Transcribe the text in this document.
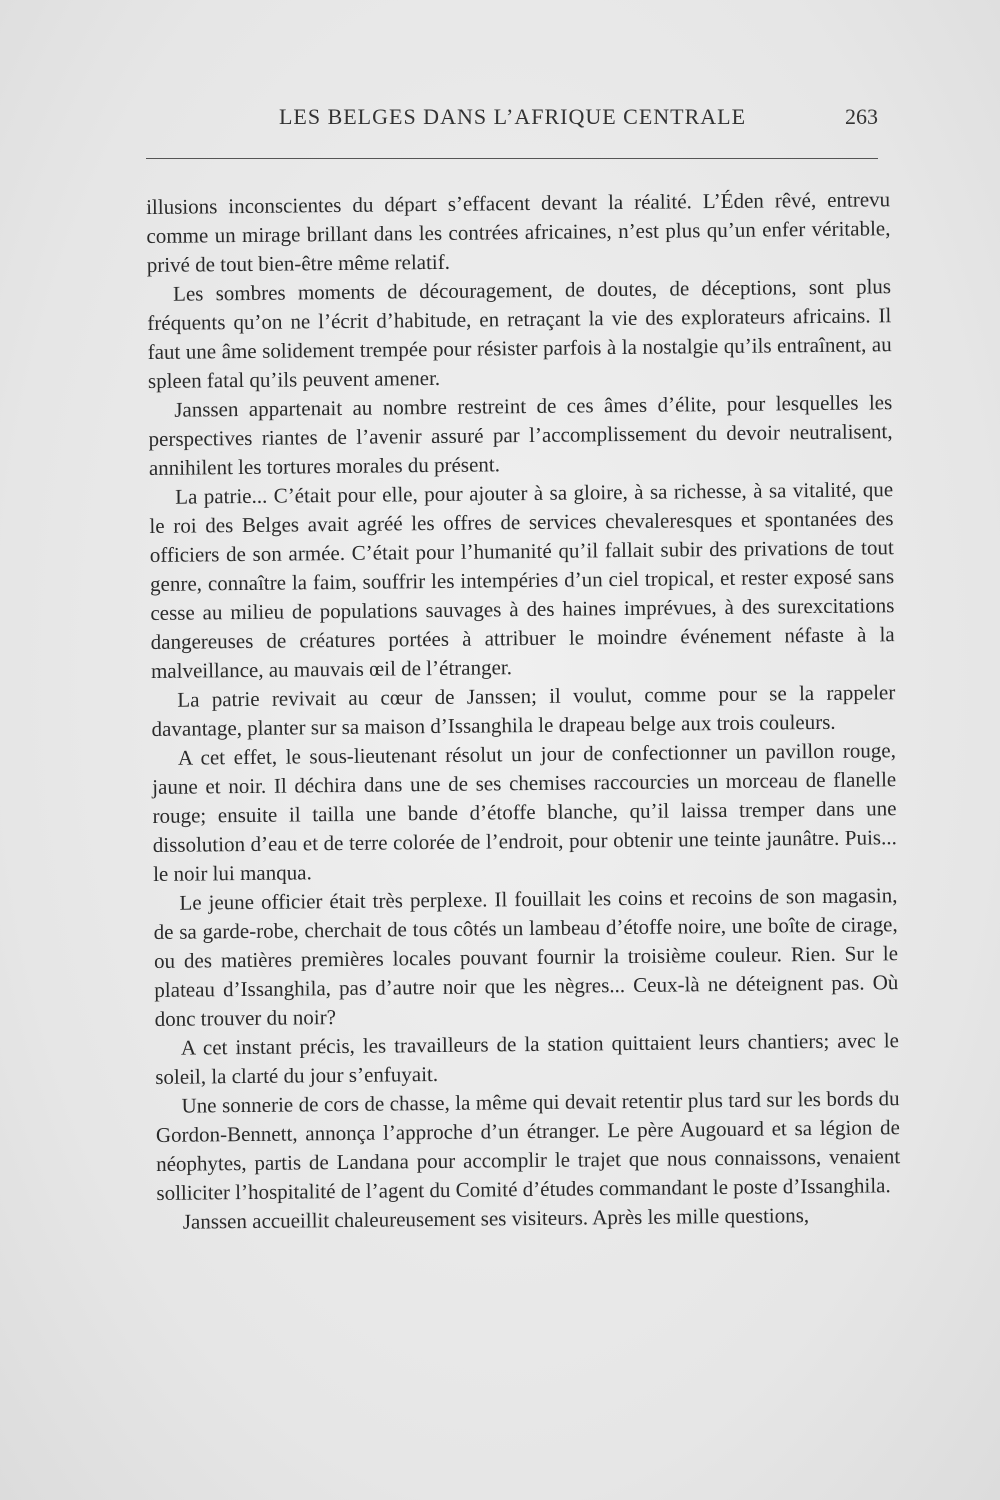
LES BELGES DANS L’AFRIQUE CENTRALE	263

illusions inconscientes du départ s’effacent devant la réalité. L’Éden rêvé, entrevu comme un mirage brillant dans les contrées africaines, n’est plus qu’un enfer véritable, privé de tout bien-être même relatif.

Les sombres moments de découragement, de doutes, de déceptions, sont plus fréquents qu’on ne l’écrit d’habitude, en retraçant la vie des explorateurs africains. Il faut une âme solidement trempée pour résister parfois à la nostalgie qu’ils entraînent, au spleen fatal qu’ils peuvent amener.

Janssen appartenait au nombre restreint de ces âmes d’élite, pour lesquelles les perspectives riantes de l’avenir assuré par l’accomplissement du devoir neutralisent, annihilent les tortures morales du présent.

La patrie... C’était pour elle, pour ajouter à sa gloire, à sa richesse, à sa vitalité, que le roi des Belges avait agréé les offres de services chevaleresques et spontanées des officiers de son armée. C’était pour l’humanité qu’il fallait subir des privations de tout genre, connaître la faim, souffrir les intempéries d’un ciel tropical, et rester exposé sans cesse au milieu de populations sauvages à des haines imprévues, à des surexcitations dangereuses de créatures portées à attribuer le moindre événement néfaste à la malveillance, au mauvais œil de l’étranger.

La patrie revivait au cœur de Janssen; il voulut, comme pour se la rappeler davantage, planter sur sa maison d’Issanghila le drapeau belge aux trois couleurs.

A cet effet, le sous-lieutenant résolut un jour de confectionner un pavillon rouge, jaune et noir. Il déchira dans une de ses chemises raccourcies un morceau de flanelle rouge; ensuite il tailla une bande d’étoffe blanche, qu’il laissa tremper dans une dissolution d’eau et de terre colorée de l’endroit, pour obtenir une teinte jaunâtre. Puis... le noir lui manqua.

Le jeune officier était très perplexe. Il fouillait les coins et recoins de son magasin, de sa garde-robe, cherchait de tous côtés un lambeau d’étoffe noire, une boîte de cirage, ou des matières premières locales pouvant fournir la troisième couleur. Rien. Sur le plateau d’Issanghila, pas d’autre noir que les nègres... Ceux-là ne déteignent pas. Où donc trouver du noir?

A cet instant précis, les travailleurs de la station quittaient leurs chantiers; avec le soleil, la clarté du jour s’enfuyait.

Une sonnerie de cors de chasse, la même qui devait retentir plus tard sur les bords du Gordon-Bennett, annonça l’approche d’un étranger. Le père Augouard et sa légion de néophytes, partis de Landana pour accomplir le trajet que nous connaissons, venaient solliciter l’hospitalité de l’agent du Comité d’études commandant le poste d’Issanghila.

Janssen accueillit chaleureusement ses visiteurs. Après les mille questions,
